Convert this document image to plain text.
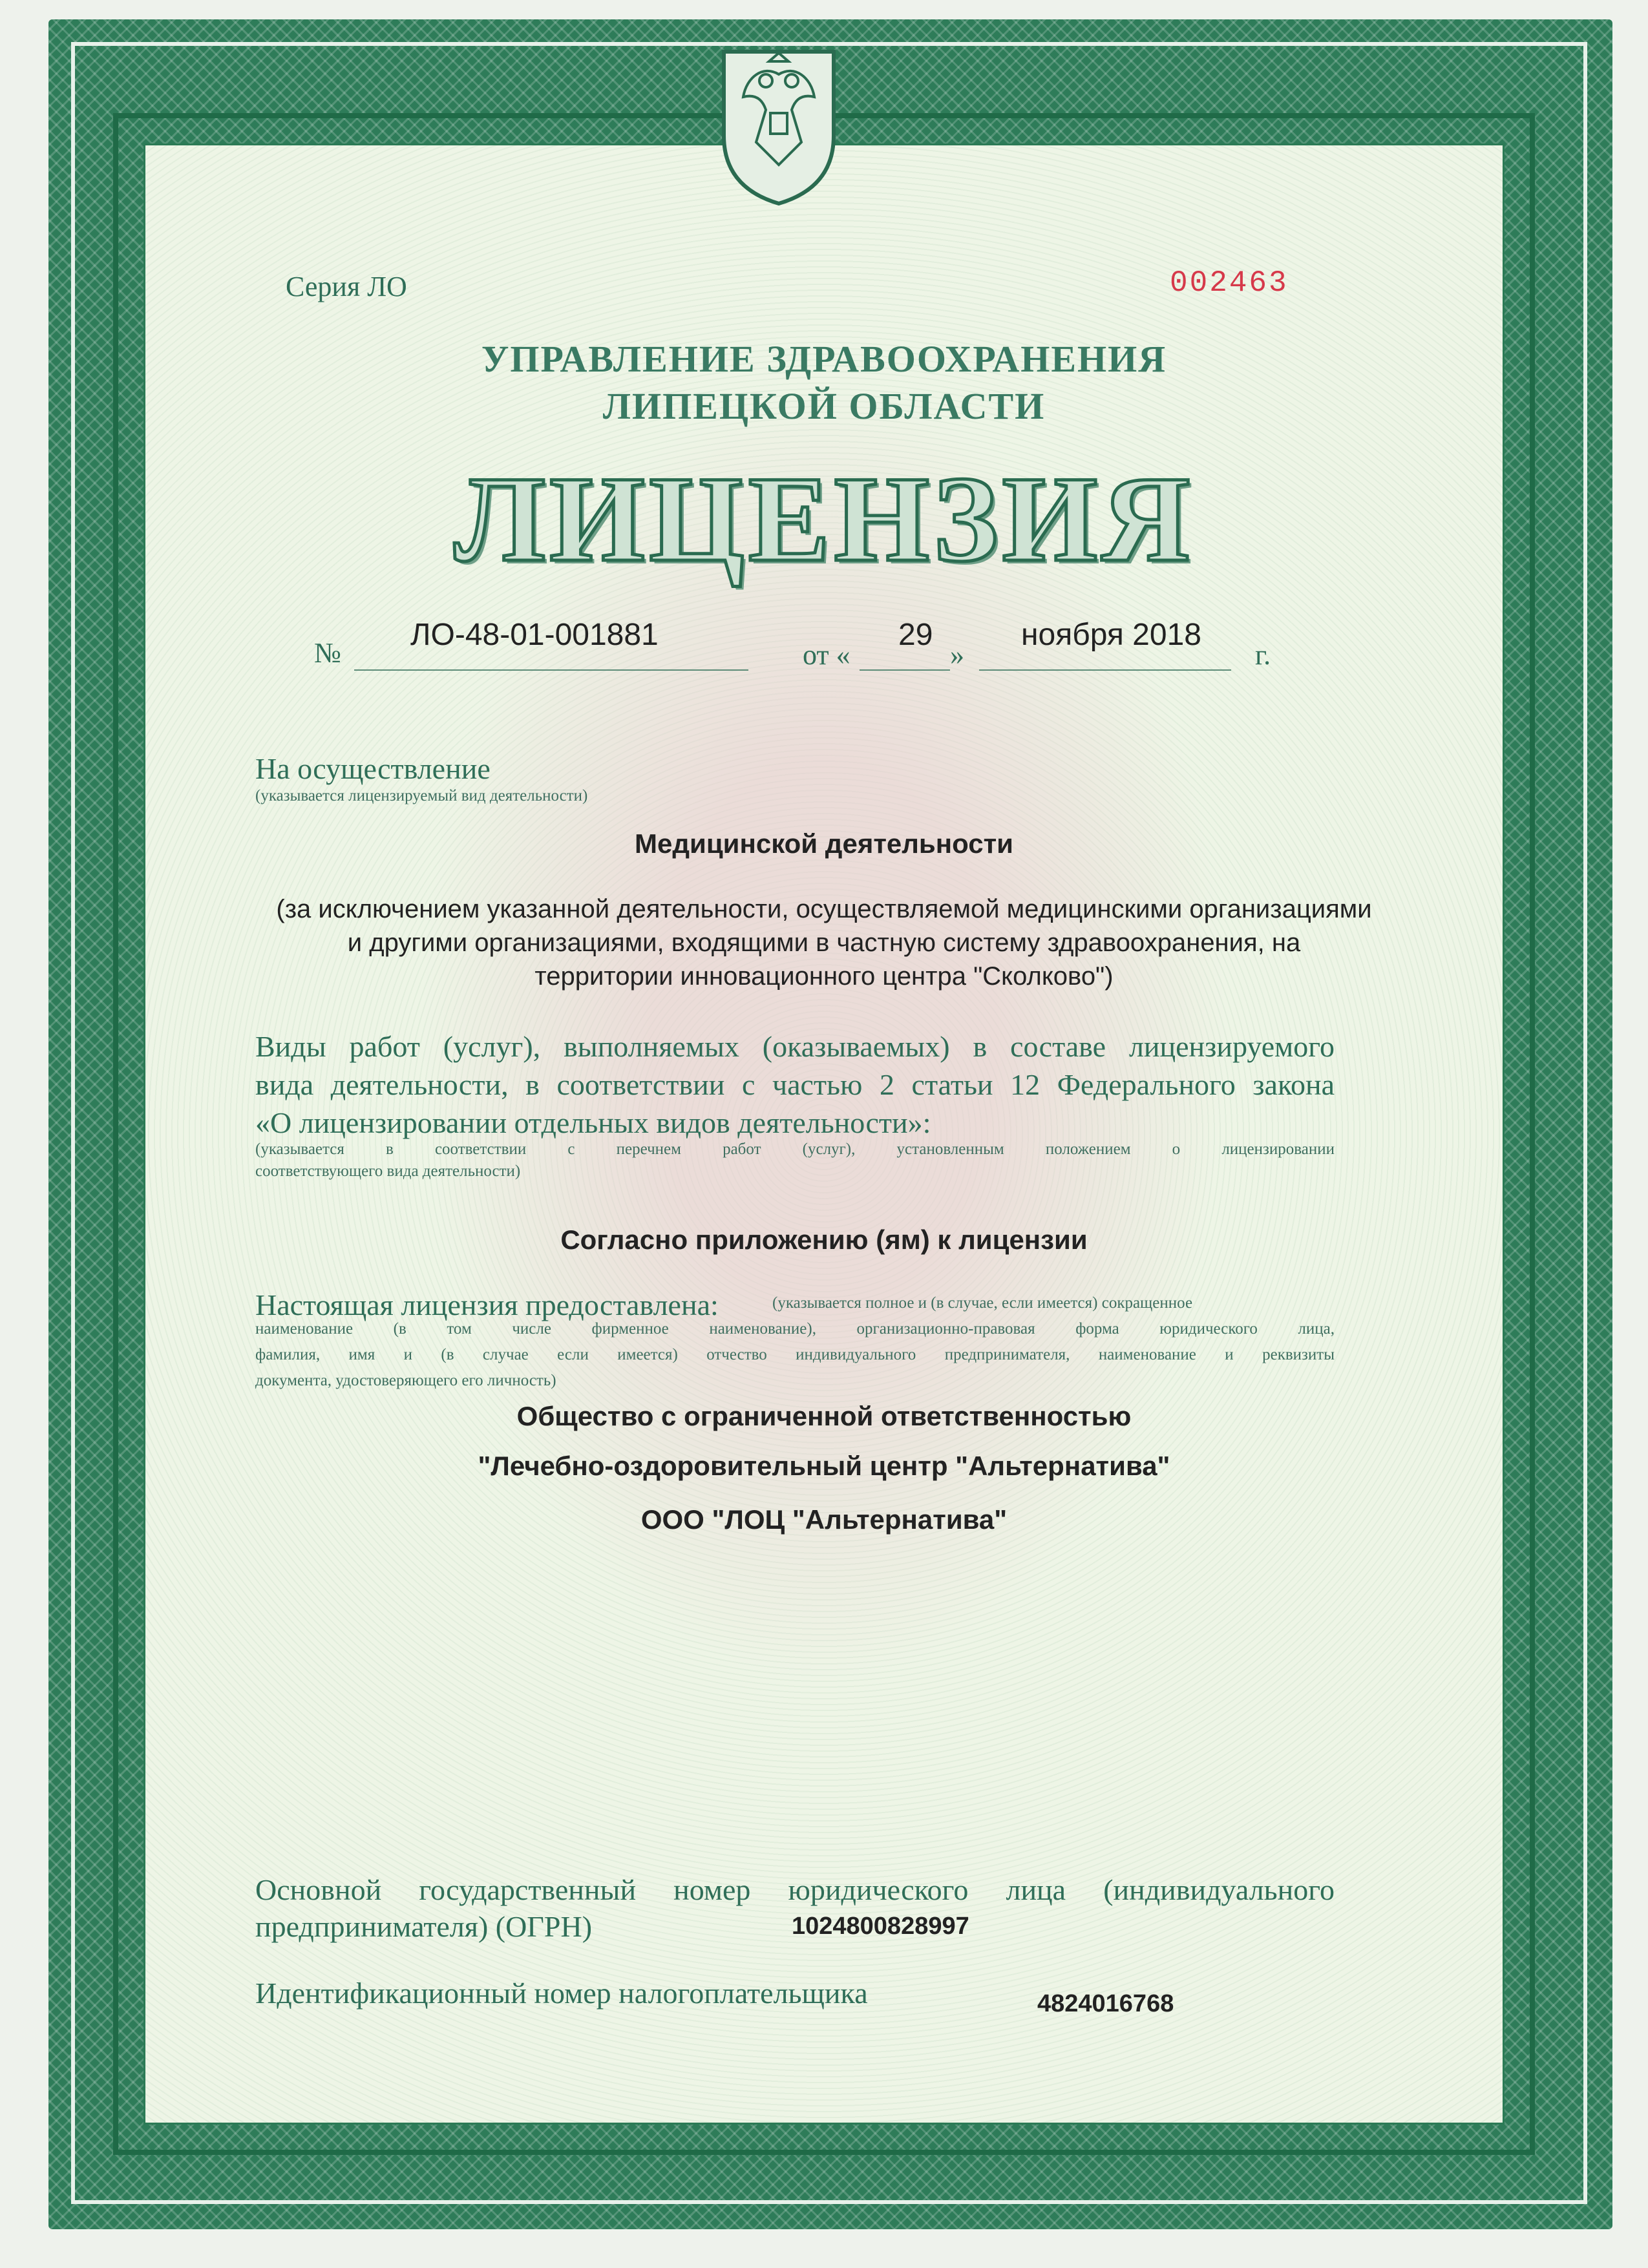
Серия ЛО	002463
УПРАВЛЕНИЕ ЗДРАВООХРАНЕНИЯ
ЛИПЕЦКОЙ ОБЛАСТИ
ЛИЦЕНЗИЯ
№
ЛО-48-01-001881
от «
29
»
ноября 2018
г.
На осуществление
(указывается лицензируемый вид деятельности)
Медицинской деятельности
(за исключением указанной деятельности, осуществляемой медицинскими организациями
и другими организациями, входящими в частную систему здравоохранения, на
территории инновационного центра "Сколково")
Виды работ (услуг), выполняемых (оказываемых) в составе лицензируемого
вида деятельности, в соответствии с частью 2 статьи 12 Федерального закона
«О лицензировании отдельных видов деятельности»:
(указывается в соответствии с перечнем работ (услуг), установленным положением о лицензировании
соответствующего вида деятельности)
Согласно приложению (ям) к лицензии
Настоящая лицензия предоставлена:	(указывается полное и (в случае, если имеется) сокращенное
наименование (в том числе фирменное наименование), организационно-правовая форма юридического лица,
фамилия, имя и (в случае если имеется) отчество индивидуального предпринимателя, наименование и реквизиты
документа, удостоверяющего его личность)
Общество с ограниченной ответственностью
"Лечебно-оздоровительный центр "Альтернатива"
ООО "ЛОЦ "Альтернатива"
Основной государственный номер юридического лица (индивидуального
предпринимателя) (ОГРН)	1024800828997
Идентификационный номер налогоплательщика	4824016768
